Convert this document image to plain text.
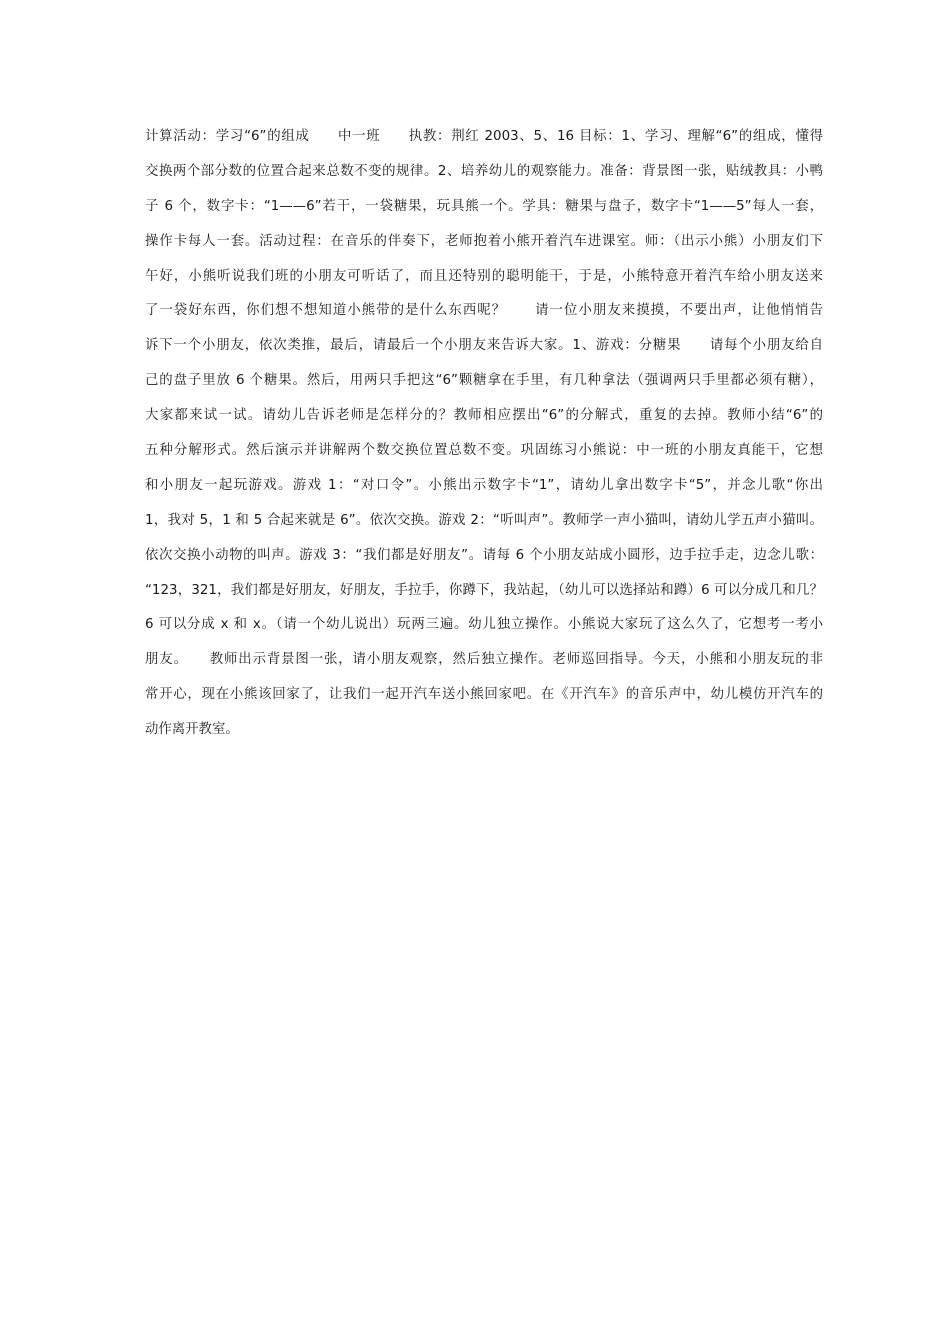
计算活动：学习“6”的组成　　中一班　　执教：荆红 2003、5、16 目标：1、学习、理解“6”的组成，懂得
交换两个部分数的位置合起来总数不变的规律。2、培养幼儿的观察能力。准备：背景图一张，贴绒教具：小鸭
子 6 个，数字卡：“1——6”若干，一袋糖果，玩具熊一个。学具：糖果与盘子，数字卡“1——5”每人一套，
操作卡每人一套。活动过程：在音乐的伴奏下，老师抱着小熊开着汽车进课室。师：（出示小熊）小朋友们下
午好，小熊听说我们班的小朋友可听话了，而且还特别的聪明能干，于是，小熊特意开着汽车给小朋友送来
了一袋好东西，你们想不想知道小熊带的是什么东西呢？　　请一位小朋友来摸摸，不要出声，让他悄悄告
诉下一个小朋友，依次类推，最后，请最后一个小朋友来告诉大家。1、游戏：分糖果　　请每个小朋友给自
己的盘子里放 6 个糖果。然后，用两只手把这“6”颗糖拿在手里，有几种拿法（强调两只手里都必须有糖），
大家都来试一试。请幼儿告诉老师是怎样分的？教师相应摆出“6”的分解式，重复的去掉。教师小结“6”的
五种分解形式。然后演示并讲解两个数交换位置总数不变。巩固练习小熊说：中一班的小朋友真能干，它想
和小朋友一起玩游戏。游戏 1：“对口令”。小熊出示数字卡“1”，请幼儿拿出数字卡“5”，并念儿歌“你出
1，我对 5，1 和 5 合起来就是 6”。依次交换。游戏 2：“听叫声”。教师学一声小猫叫，请幼儿学五声小猫叫。
依次交换小动物的叫声。游戏 3：“我们都是好朋友”。请每 6 个小朋友站成小圆形，边手拉手走，边念儿歌：
“123，321，我们都是好朋友，好朋友，手拉手，你蹲下，我站起，（幼儿可以选择站和蹲）6 可以分成几和几？
6 可以分成 x 和 x。（请一个幼儿说出）玩两三遍。幼儿独立操作。小熊说大家玩了这么久了，它想考一考小
朋友。　　教师出示背景图一张，请小朋友观察，然后独立操作。老师巡回指导。今天，小熊和小朋友玩的非
常开心，现在小熊该回家了，让我们一起开汽车送小熊回家吧。在《开汽车》的音乐声中，幼儿模仿开汽车的
动作离开教室。
